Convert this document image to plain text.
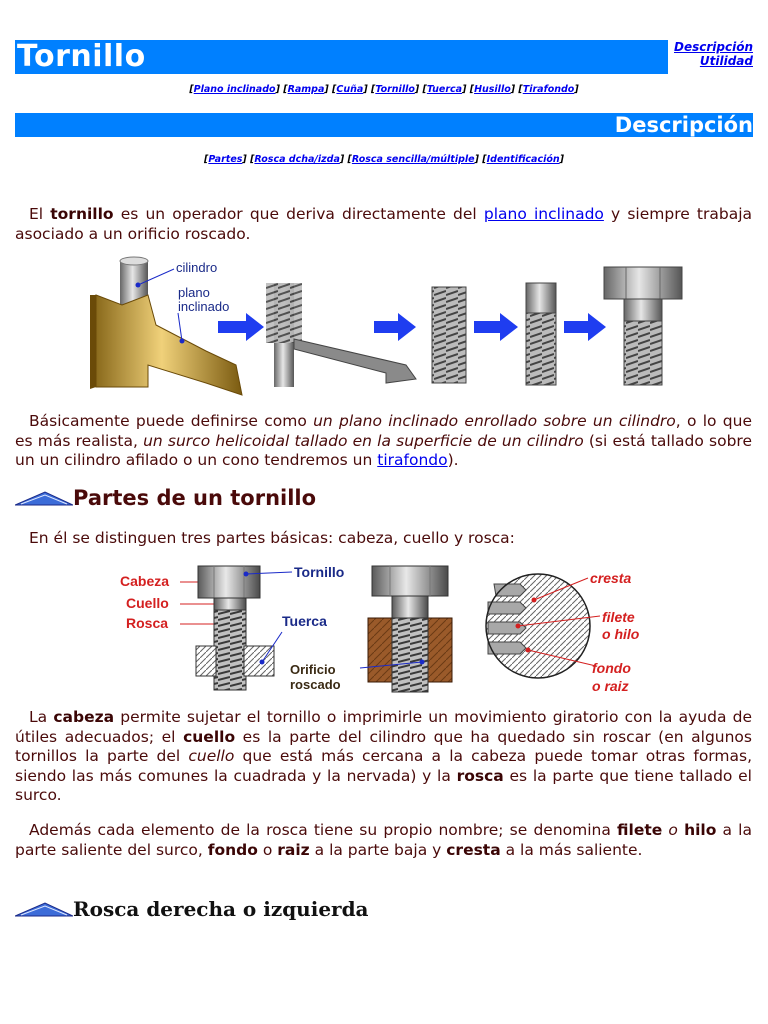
Tornillo	Descripción
Utilidad
[Plano inclinado] [Rampa] [Cuña] [Tornillo] [Tuerca] [Husillo] [Tirafondo]
Descripción
[Partes] [Rosca dcha/izda] [Rosca sencilla/múltiple] [Identificación]

El tornillo es un operador que deriva directamente del plano inclinado y siempre trabaja asociado a un orificio roscado.

cilindro
plano
inclinado

Básicamente puede definirse como un plano inclinado enrollado sobre un cilindro, o lo que es más realista, un surco helicoidal tallado en la superficie de un cilindro (si está tallado sobre un un cilindro afilado o un cono tendremos un tirafondo).

Partes de un tornillo

En él se distinguen tres partes básicas: cabeza, cuello y rosca:

Cabeza
Cuello
Rosca	Tuerca
Tornillo
Orificio
roscado
cresta
filete
o hilo
fondo
o raiz

La cabeza permite sujetar el tornillo o imprimirle un movimiento giratorio con la ayuda de útiles adecuados; el cuello es la parte del cilindro que ha quedado sin roscar (en algunos tornillos la parte del cuello que está más cercana a la cabeza puede tomar otras formas, siendo las más comunes la cuadrada y la nervada) y la rosca es la parte que tiene tallado el surco.

Además cada elemento de la rosca tiene su propio nombre; se denomina filete o hilo a la parte saliente del surco, fondo o raiz a la parte baja y cresta a la más saliente.

Rosca derecha o izquierda
